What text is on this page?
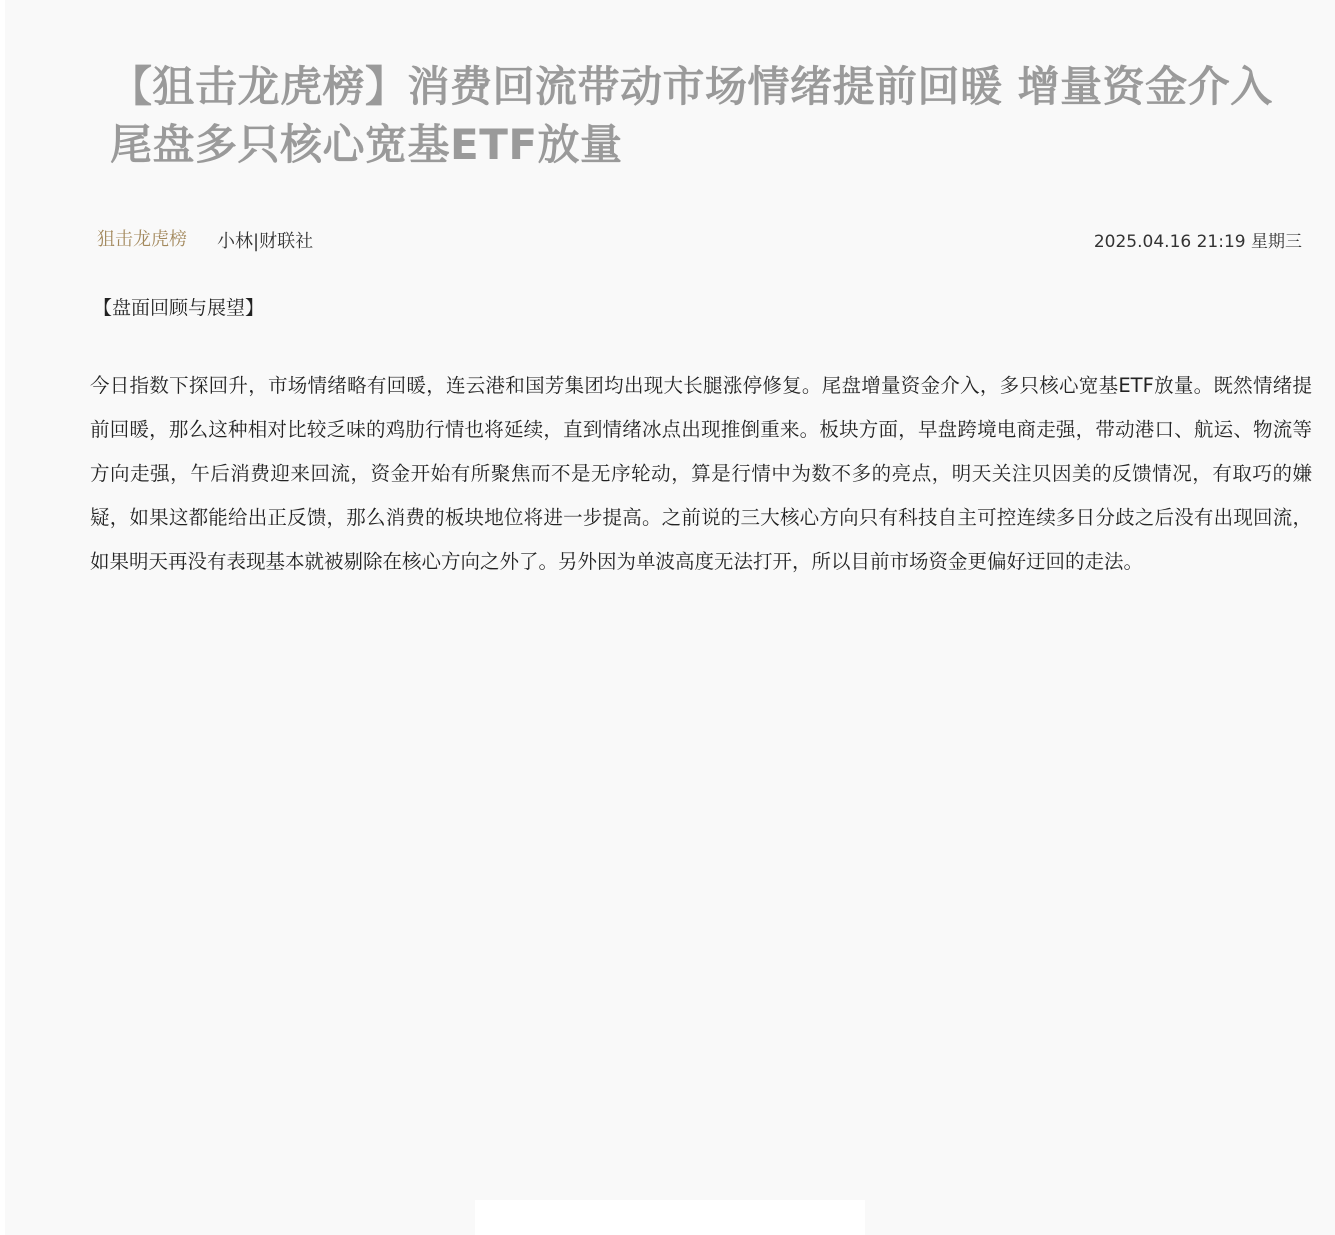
【狙击龙虎榜】消费回流带动市场情绪提前回暖 增量资金介入尾盘多只核心宽基ETF放量
狙击龙虎榜 小林|财联社	2025.04.16 21:19 星期三
【盘面回顾与展望】

今日指数下探回升，市场情绪略有回暖，连云港和国芳集团均出现大长腿涨停修复。尾盘增量资金介入，多只核心宽基ETF放量。既然情绪提前回暖，那么这种相对比较乏味的鸡肋行情也将延续，直到情绪冰点出现推倒重来。板块方面，早盘跨境电商走强，带动港口、航运、物流等方向走强，午后消费迎来回流，资金开始有所聚焦而不是无序轮动，算是行情中为数不多的亮点，明天关注贝因美的反馈情况，有取巧的嫌疑，如果这都能给出正反馈，那么消费的板块地位将进一步提高。之前说的三大核心方向只有科技自主可控连续多日分歧之后没有出现回流，如果明天再没有表现基本就被剔除在核心方向之外了。另外因为单波高度无法打开，所以目前市场资金更偏好迂回的走法。
